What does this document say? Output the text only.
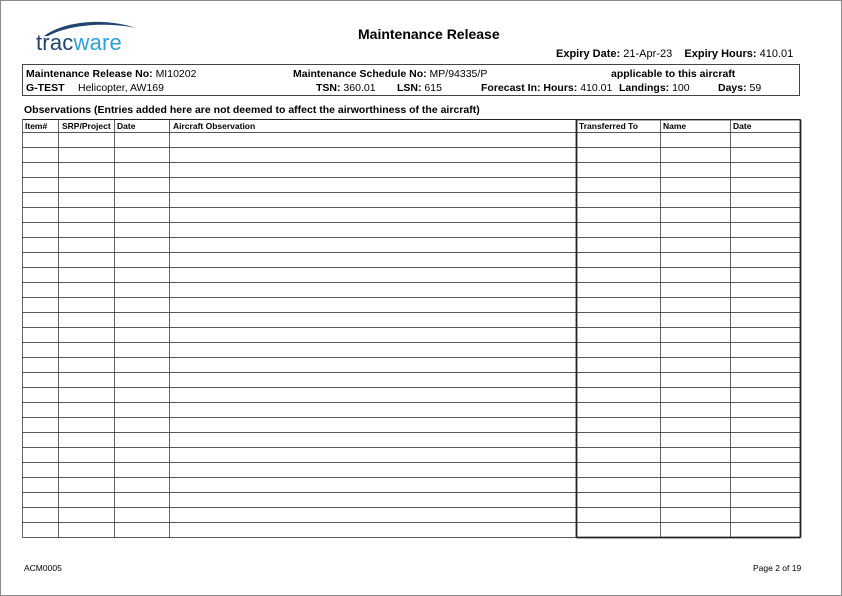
tracware	Maintenance Release
Expiry Date: 21-Apr-23 Expiry Hours: 410.01
Maintenance Release No: MI10202	Maintenance Schedule No: MP/94335/P	applicable to this aircraft
G-TEST Helicopter, AW169	TSN: 360.01 LSN: 615	Forecast In: Hours: 410.01 Landings: 100	Days: 59
Observations (Entries added here are not deemed to affect the airworthiness of the aircraft)
Item# SRP/Project Date	Aircraft Observation	Transferred To	Name	Date
ACM0005	Page 2 of 19
